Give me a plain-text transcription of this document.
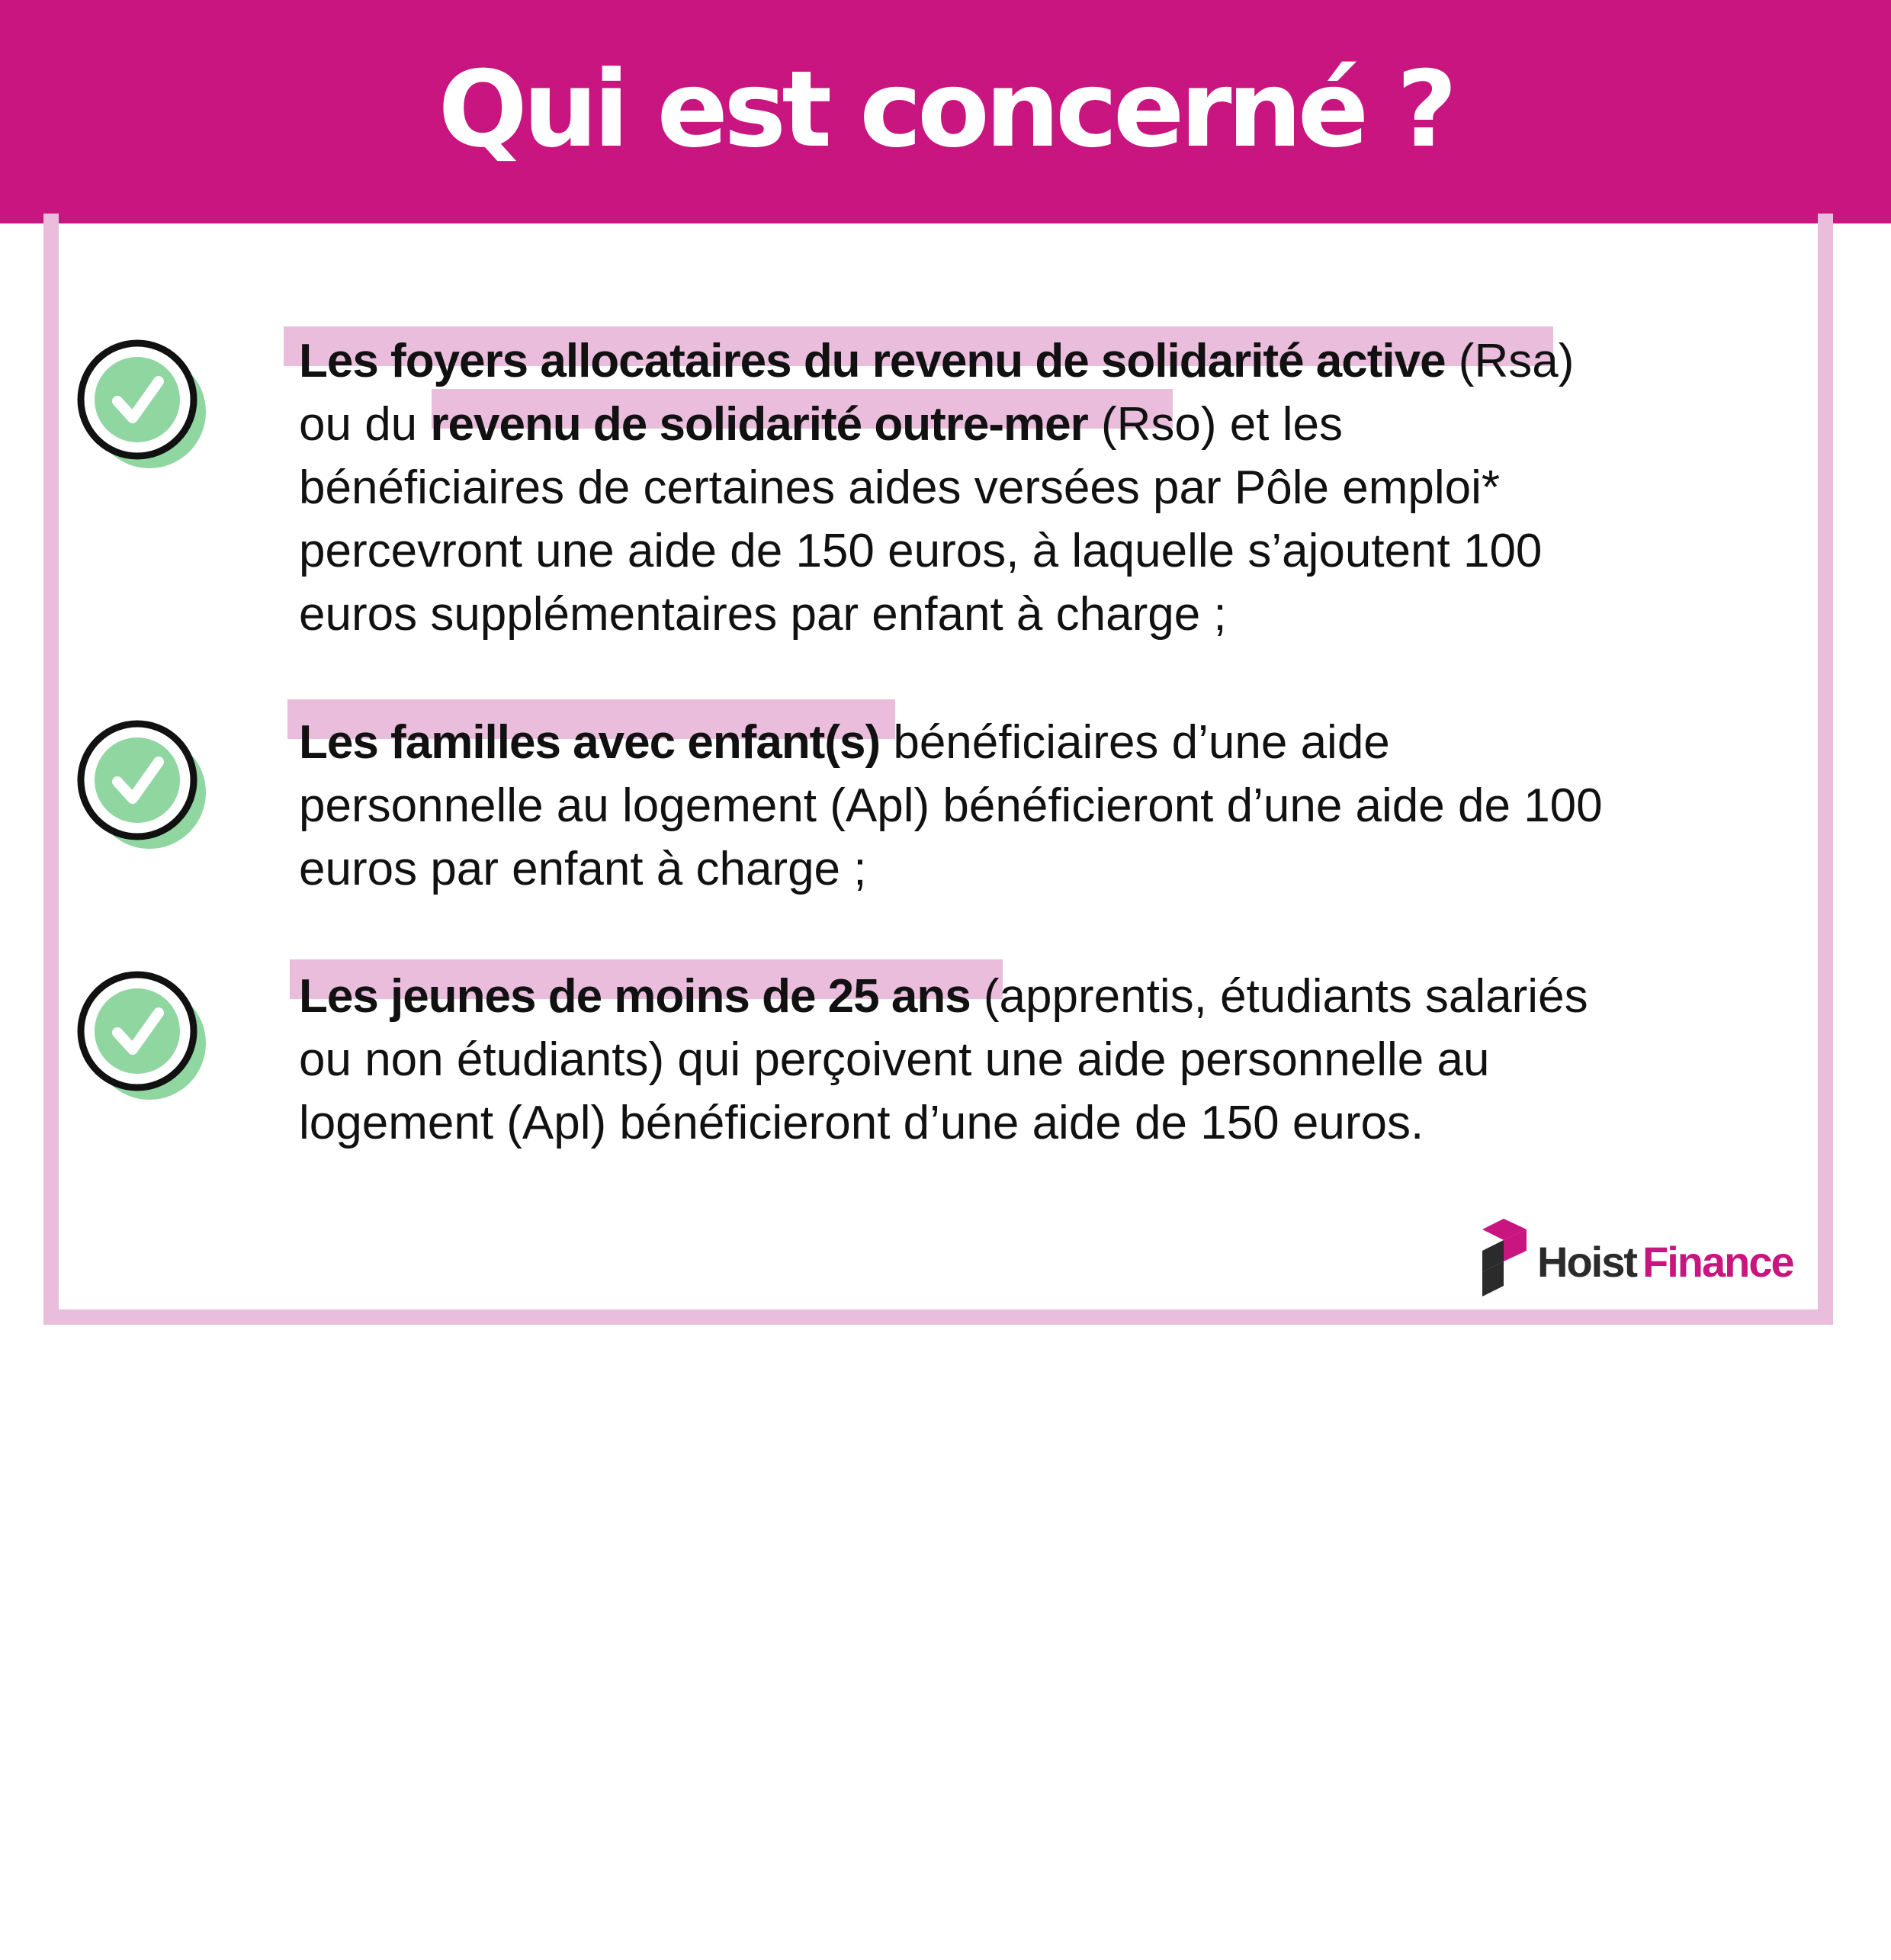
Qui est concerné ?
Les foyers allocataires du revenu de solidarité active (Rsa)
ou du revenu de solidarité outre-mer (Rso) et les
bénéficiaires de certaines aides versées par Pôle emploi*
percevront une aide de 150 euros, à laquelle s’ajoutent 100
euros supplémentaires par enfant à charge ;
Les familles avec enfant(s) bénéficiaires d’une aide
personnelle au logement (Apl) bénéficieront d’une aide de 100
euros par enfant à charge ;
Les jeunes de moins de 25 ans (apprentis, étudiants salariés
ou non étudiants) qui perçoivent une aide personnelle au
logement (Apl) bénéficieront d’une aide de 150 euros.
Hoist Finance
